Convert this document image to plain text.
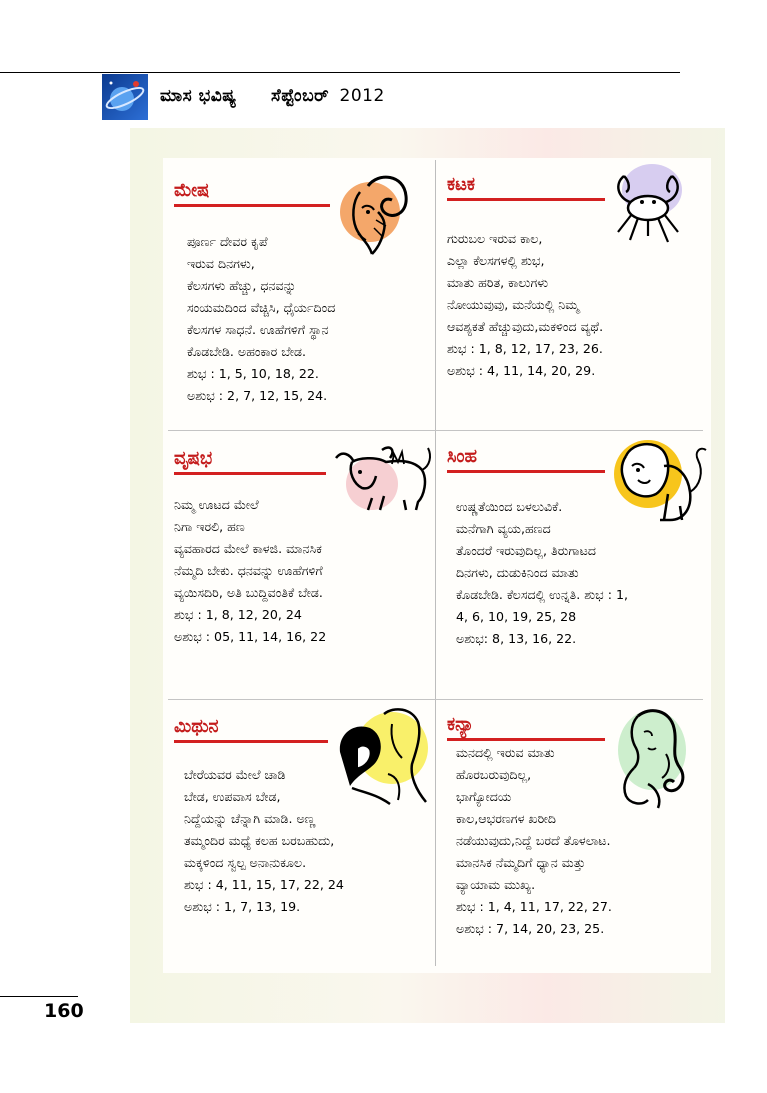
ಮಾಸ ಭವಿಷ್ಯ ಸೆಪ್ಟೆಂಬರ್ 2012
ಮೇಷ

ಪೂರ್ಣ ದೇವರ ಕೃಪೆ

ಇರುವ ದಿನಗಳು,

ಕೆಲಸಗಳು ಹೆಚ್ಚು, ಧನವನ್ನು

ಸಂಯಮದಿಂದ ವೆಚ್ಚಿಸಿ, ಧೈರ್ಯದಿಂದ

ಕೆಲಸಗಳ ಸಾಧನೆ. ಊಹೆಗಳಿಗೆ ಸ್ಥಾನ

ಕೊಡಬೇಡಿ. ಅಹಂಕಾರ ಬೇಡ.

ಶುಭ : 1, 5, 10, 18, 22.

ಅಶುಭ : 2, 7, 12, 15, 24.

ಕಟಕ

ಗುರುಬಲ ಇರುವ ಕಾಲ,

ಎಲ್ಲಾ ಕೆಲಸಗಳಲ್ಲಿ ಶುಭ,

ಮಾತು ಹರಿತ, ಕಾಲುಗಳು

ನೋಯುವುವು, ಮನೆಯಲ್ಲಿ ನಿಮ್ಮ

ಆವಶ್ಯಕತೆ ಹೆಚ್ಚುವುದು,ಮಕಳಿಂದ ವ್ಯಥೆ.

ಶುಭ : 1, 8, 12, 17, 23, 26.

ಅಶುಭ : 4, 11, 14, 20, 29.

ವೃಷಭ

ನಿಮ್ಮ ಊಟದ ಮೇಲೆ

ನಿಗಾ ಇರಲಿ, ಹಣ

ವ್ಯವಹಾರದ ಮೇಲೆ ಕಾಳಜಿ. ಮಾನಸಿಕ

ನೆಮ್ಮದಿ ಬೇಕು. ಧನವನ್ನು ಊಹೆಗಳಿಗೆ

ವ್ಯಯಿಸದಿರಿ, ಅತಿ ಬುದ್ದಿವಂತಿಕೆ ಬೇಡ.

ಶುಭ : 1, 8, 12, 20, 24

ಅಶುಭ : 05, 11, 14, 16, 22

ಸಿಂಹ

ಉಷ್ಣತೆಯಿಂದ ಬಳಲುವಿಕೆ.

ಮನೆಗಾಗಿ ವ್ಯಯ,ಹಣದ

ತೊಂದರೆ ಇರುವುದಿಲ್ಲ, ತಿರುಗಾಟದ

ದಿನಗಳು, ದುಡುಕಿನಿಂದ ಮಾತು

ಕೊಡಬೇಡಿ. ಕೆಲಸದಲ್ಲಿ ಉನ್ನತಿ. ಶುಭ : 1,

4, 6, 10, 19, 25, 28

ಅಶುಭ: 8, 13, 16, 22.

ಮಿಥುನ

ಬೇರೆಯವರ ಮೇಲೆ ಚಾಡಿ

ಬೇಡ, ಉಪವಾಸ ಬೇಡ,

ನಿದ್ದೆಯನ್ನು ಚೆನ್ನಾಗಿ ಮಾಡಿ. ಅಣ್ಣ

ತಮ್ಮಂದಿರ ಮಧ್ಯೆ ಕಲಹ ಬರಬಹುದು,

ಮಕ್ಕಳಿಂದ ಸ್ವಲ್ಪ ಅನಾನುಕೂಲ.

ಶುಭ : 4, 11, 15, 17, 22, 24

ಅಶುಭ : 1, 7, 13, 19.

ಕನ್ಯಾ

ಮನದಲ್ಲಿ ಇರುವ ಮಾತು

ಹೊರಬರುವುದಿಲ್ಲ,

ಭಾಗ್ಯೋದಯ

ಕಾಲ,ಆಭರಣಗಳ ಖರೀದಿ

ನಡೆಯುವುದು,ನಿದ್ದೆ ಬರದೆ ತೊಳಲಾಟ.

ಮಾನಸಿಕ ನೆಮ್ಮದಿಗೆ ಧ್ಯಾನ ಮತ್ತು

ವ್ಯಾಯಾಮ ಮುಖ್ಯ.

ಶುಭ : 1, 4, 11, 17, 22, 27.

ಅಶುಭ : 7, 14, 20, 23, 25.

160
